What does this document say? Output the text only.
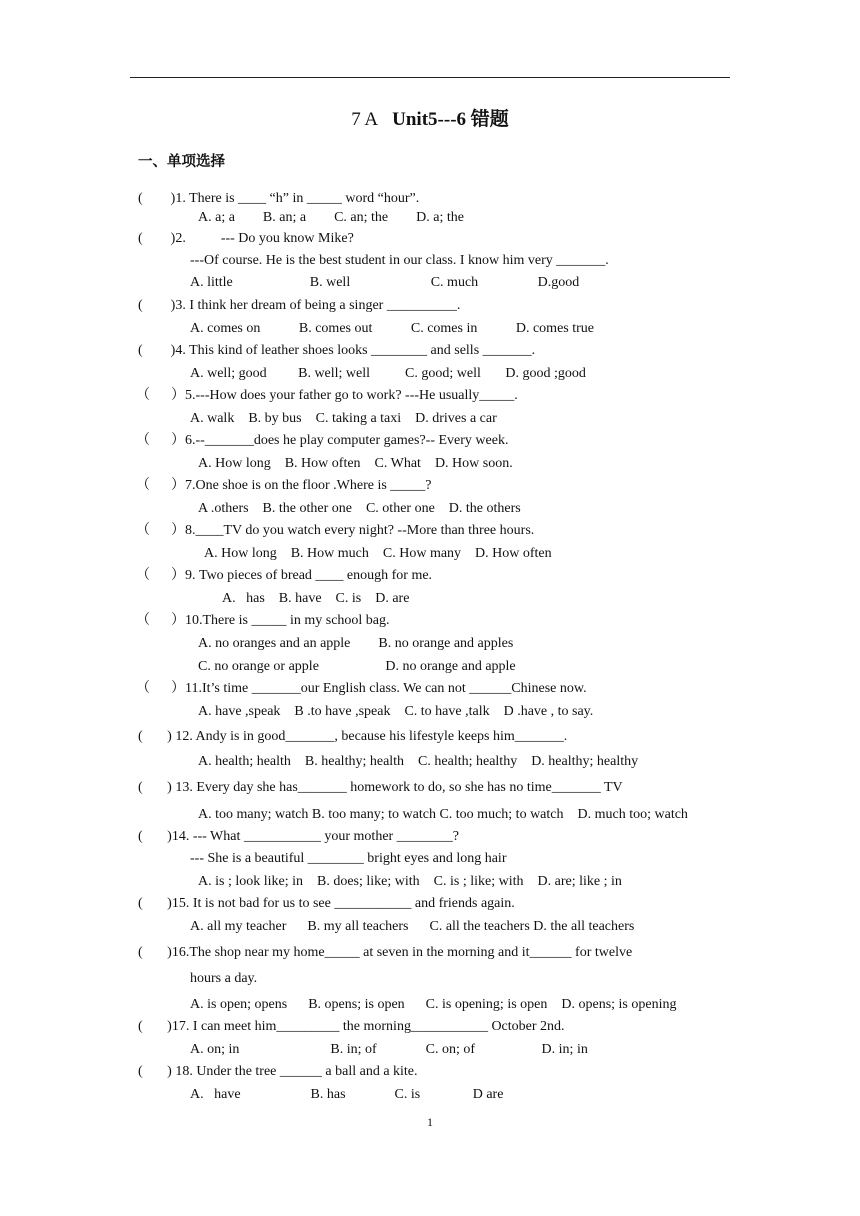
7 A Unit5---6 错题
一、单项选择
(        )1. There is ____ “h” in _____ word “hour”.
A. a; a        B. an; a        C. an; the        D. a; the
(        )2.          --- Do you know Mike?
---Of course. He is the best student in our class. I know him very _______.
A. little                      B. well                       C. much                 D.good
(        )3. I think her dream of being a singer __________.
A. comes on           B. comes out           C. comes in           D. comes true
(        )4. This kind of leather shoes looks ________ and sells _______.
A. well; good         B. well; well          C. good; well       D. good ;good
（      ）5.---How does your father go to work? ---He usually_____.
A. walk    B. by bus    C. taking a taxi    D. drives a car
（      ）6.--_______does he play computer games?-- Every week.
A. How long    B. How often    C. What    D. How soon.
（      ）7.One shoe is on the floor .Where is _____?
A .others    B. the other one    C. other one    D. the others
（      ）8.____TV do you watch every night? --More than three hours.
A. How long    B. How much    C. How many    D. How often
（      ）9. Two pieces of bread ____ enough for me.
A.   has    B. have    C. is    D. are
（      ）10.There is _____ in my school bag.
A. no oranges and an apple        B. no orange and apples
C. no orange or apple                   D. no orange and apple
（      ）11.It’s time _______our English class. We can not ______Chinese now.
A. have ,speak    B .to have ,speak    C. to have ,talk    D .have , to say.
(       ) 12. Andy is in good_______, because his lifestyle keeps him_______.
A. health; health    B. healthy; health    C. health; healthy    D. healthy; healthy
(       ) 13. Every day she has_______ homework to do, so she has no time_______ TV
A. too many; watch B. too many; to watch C. too much; to watch    D. much too; watch
(       )14. --- What ___________ your mother ________?
--- She is a beautiful ________ bright eyes and long hair
A. is ; look like; in    B. does; like; with    C. is ; like; with    D. are; like ; in
(       )15. It is not bad for us to see ___________ and friends again.
A. all my teacher      B. my all teachers      C. all the teachers D. the all teachers
(       )16.The shop near my home_____ at seven in the morning and it______ for twelve
hours a day.
A. is open; opens      B. opens; is open      C. is opening; is open    D. opens; is opening
(       )17. I can meet him_________ the morning___________ October 2nd.
A. on; in                          B. in; of              C. on; of                   D. in; in
(       ) 18. Under the tree ______ a ball and a kite.
A.   have                    B. has              C. is               D are
1
